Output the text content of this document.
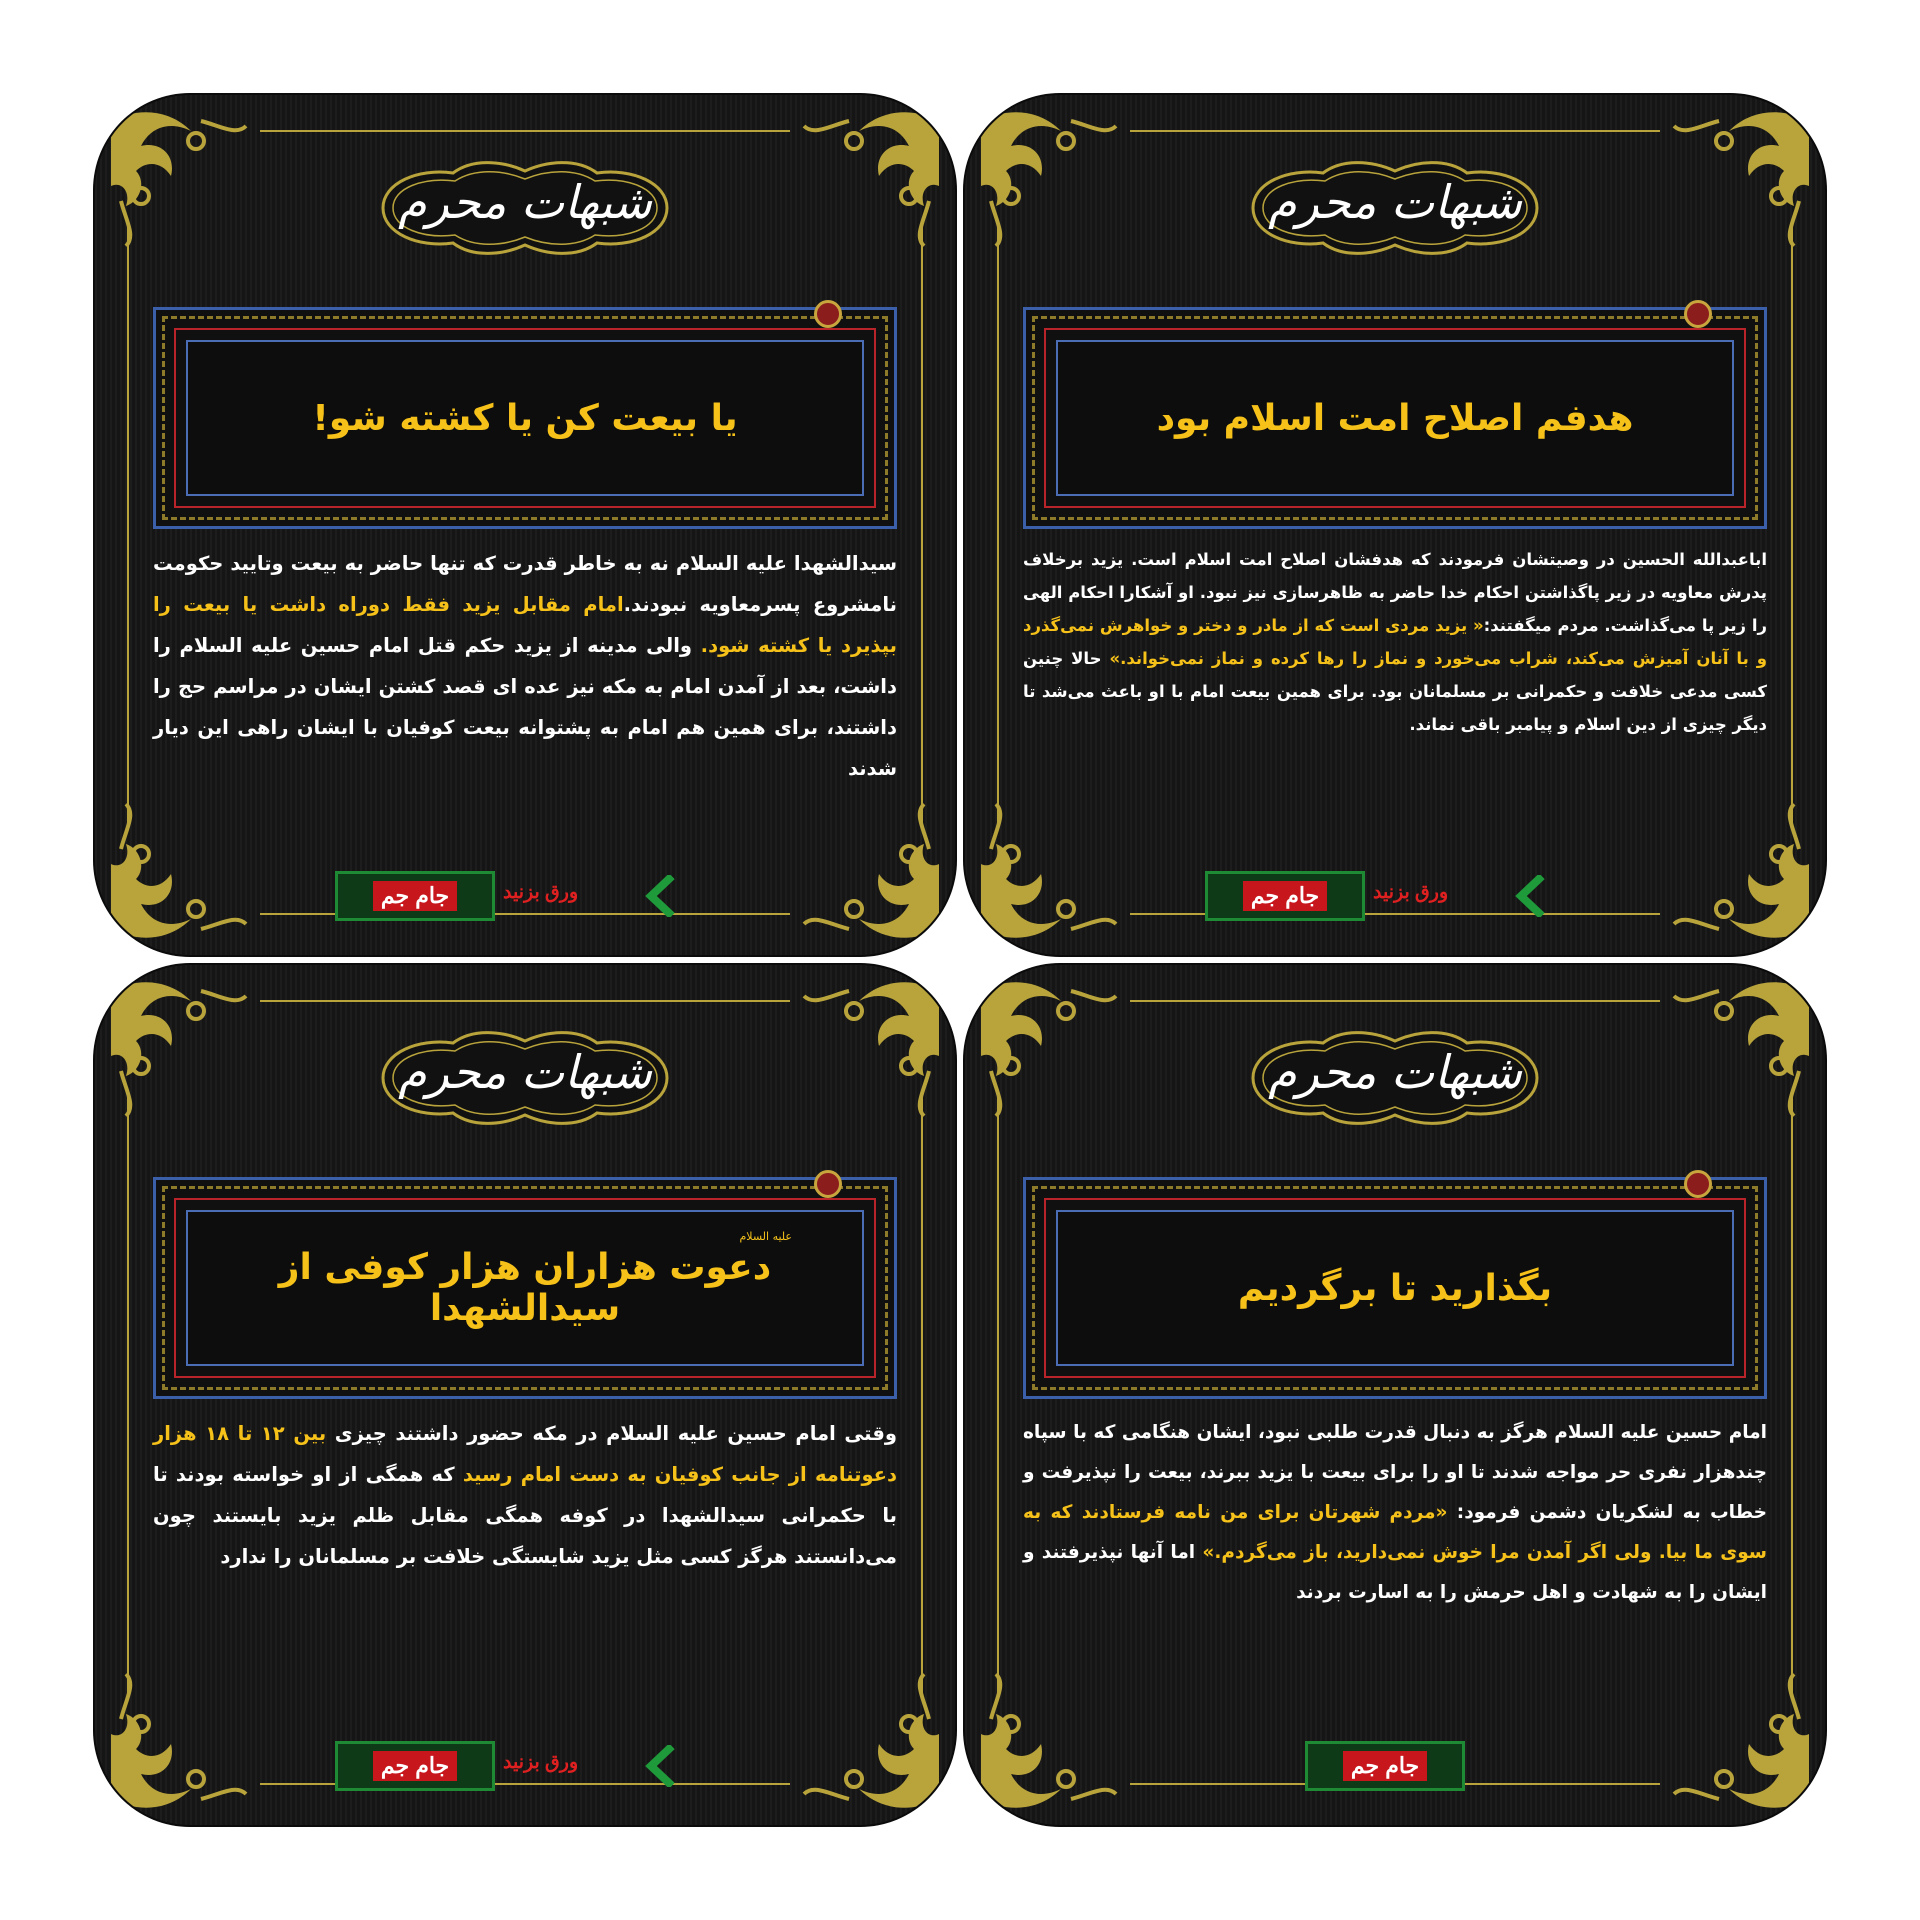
شبهات محرم
یا بیعت کن یا کشته شو!
سیدالشهدا علیه السلام نه به خاطر قدرت که تنها حاضر به بیعت وتایید حکومت نامشروع پسرمعاویه نبودند.امام مقابل یزید فقط دوراه داشت یا بیعت را بپذیرد یا کشته شود. والی مدینه از یزید حکم قتل امام حسین علیه السلام را داشت، بعد از آمدن امام به مکه نیز عده ای قصد کشتن ایشان در مراسم حج را داشتند، برای همین هم امام به پشتوانه بیعت کوفیان با ایشان راهی این دیار شدند
جام جم	ورق بزنید
شبهات محرم
هدفم اصلاح امت اسلام بود
اباعبدالله الحسین در وصیتشان فرمودند که هدفشان اصلاح امت اسلام است. یزید برخلاف پدرش معاویه در زیر پاگذاشتن احکام خدا حاضر به ظاهرسازی نیز نبود. او آشکارا احکام الهی را زیر پا می‌گذاشت. مردم میگفتند:« یزید مردی است که از مادر و دختر و خواهرش نمی‌گذرد و با آنان آمیزش می‌کند، شراب می‌خورد و نماز را رها کرده و نماز نمی‌خواند.» حالا چنین کسی مدعی خلافت و حکمرانی بر مسلمانان بود. برای همین بیعت امام با او باعث می‌شد تا دیگر چیزی از دین اسلام و پیامبر باقی نماند.
جام جم	ورق بزنید
شبهات محرم
علیه السلام
دعوت هزاران هزار کوفی از سیدالشهدا
وقتی امام حسین علیه السلام در مکه حضور داشتند چیزی بین ۱۲ تا ۱۸ هزار دعوتنامه از جانب کوفیان به دست امام رسید که همگی از او خواسته بودند تا با حکمرانی سیدالشهدا در کوفه همگی مقابل ظلم یزید بایستند چون می‌دانستند هرگز کسی مثل یزید شایستگی خلافت بر مسلمانان را ندارد
جام جم	ورق بزنید
شبهات محرم
بگذارید تا برگردیم
امام حسین علیه السلام هرگز به دنبال قدرت طلبی نبود، ایشان هنگامی که با سپاه چندهزار نفری حر مواجه شدند تا او را برای بیعت با یزید ببرند، بیعت را نپذیرفت و خطاب به لشکریان دشمن فرمود: «مردم شهرتان برای من نامه فرستادند که به سوی ما بیا. ولی اگر آمدن مرا خوش نمی‌دارید، باز می‌گردم.» اما آنها نپذیرفتند و ایشان را به شهادت و اهل حرمش را به اسارت بردند
جام جم
